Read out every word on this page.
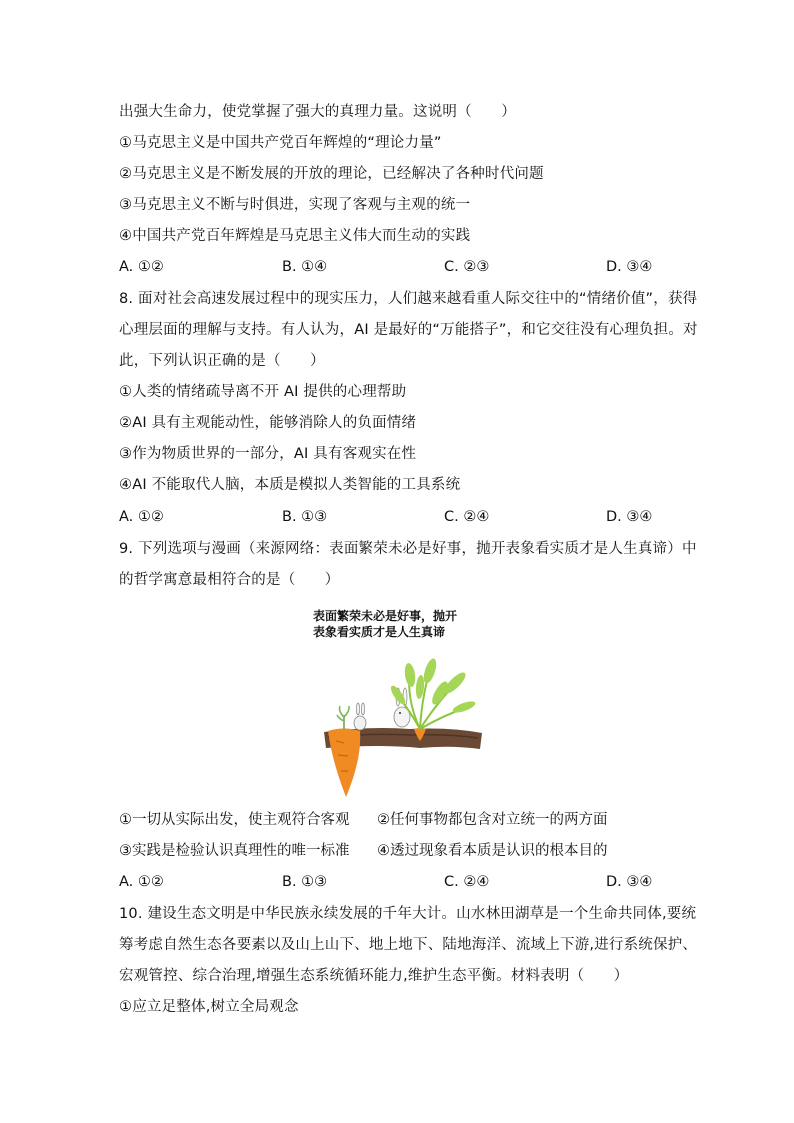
出强大生命力，使党掌握了强大的真理力量。这说明（　　）
①马克思主义是中国共产党百年辉煌的“理论力量”
②马克思主义是不断发展的开放的理论，已经解决了各种时代问题
③马克思主义不断与时俱进，实现了客观与主观的统一
④中国共产党百年辉煌是马克思主义伟大而生动的实践
A. ①②	B. ①④	C. ②③	D. ③④
8. 面对社会高速发展过程中的现实压力，人们越来越看重人际交往中的“情绪价值”，获得
心理层面的理解与支持。有人认为，AI 是最好的“万能搭子”，和它交往没有心理负担。对
此，下列认识正确的是（　　）
①人类的情绪疏导离不开 AI 提供的心理帮助
②AI 具有主观能动性，能够消除人的负面情绪
③作为物质世界的一部分，AI 具有客观实在性
④AI 不能取代人脑，本质是模拟人类智能的工具系统
A. ①②	B. ①③	C. ②④	D. ③④
9. 下列选项与漫画（来源网络：表面繁荣未必是好事，抛开表象看实质才是人生真谛）中
的哲学寓意最相符合的是（　　）
表面繁荣未必是好事，抛开
表象看实质才是人生真谛
①一切从实际出发，使主观符合客观 ②任何事物都包含对立统一的两方面
③实践是检验认识真理性的唯一标准 ④透过现象看本质是认识的根本目的
A. ①②	B. ①③	C. ②④	D. ③④
10. 建设生态文明是中华民族永续发展的千年大计。山水林田湖草是一个生命共同体,要统
筹考虑自然生态各要素以及山上山下、地上地下、陆地海洋、流域上下游,进行系统保护、
宏观管控、综合治理,增强生态系统循环能力,维护生态平衡。材料表明（　　）
①应立足整体,树立全局观念
